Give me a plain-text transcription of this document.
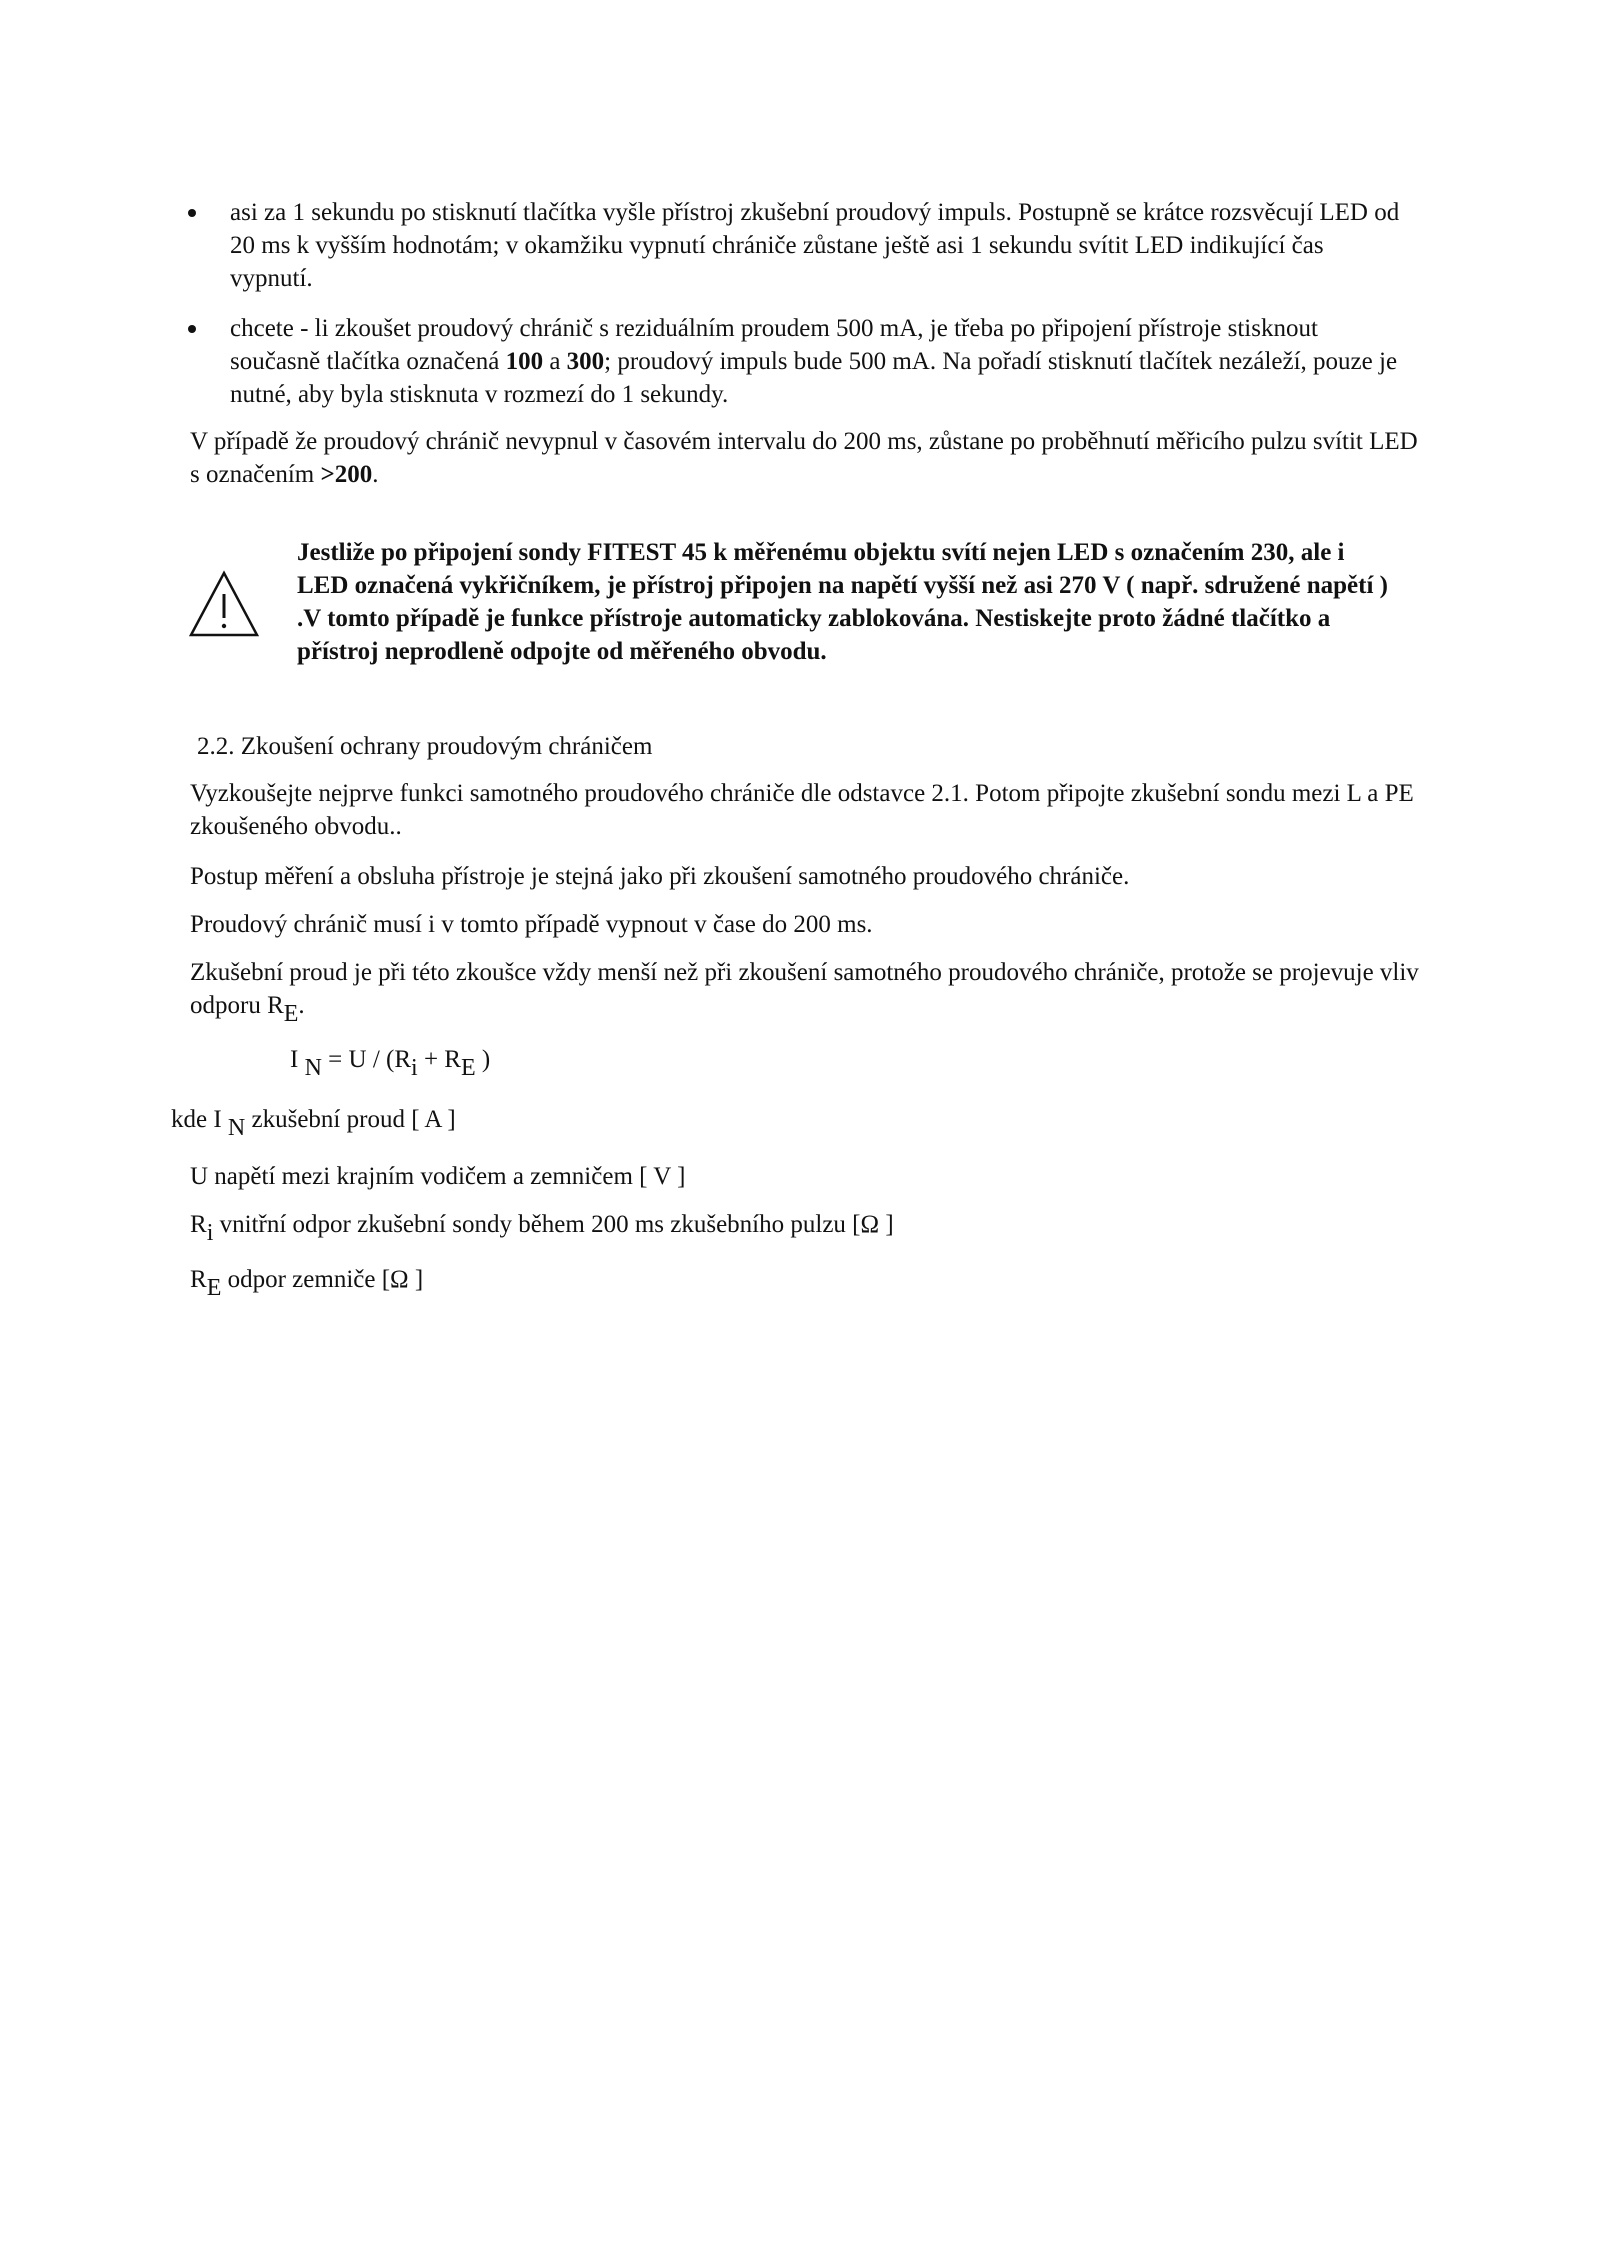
asi za 1 sekundu po stisknutí tlačítka vyšle přístroj zkušební proudový impuls. Postupně se krátce rozsvěcují LED od 20 ms k vyšším hodnotám; v okamžiku vypnutí chrániče zůstane ještě asi 1 sekundu svítit LED indikující čas vypnutí.
chcete - li zkoušet proudový chránič s reziduálním proudem 500 mA, je třeba po připojení přístroje stisknout současně tlačítka označená 100 a 300; proudový impuls bude 500 mA. Na pořadí stisknutí tlačítek nezáleží, pouze je nutné, aby byla stisknuta v rozmezí do 1 sekundy.
V případě že proudový chránič nevypnul v časovém intervalu do 200 ms, zůstane po proběhnutí měřicího pulzu svítit LED s označením >200.
Jestliže po připojení sondy FITEST 45 k měřenému objektu svítí nejen LED s označením 230, ale i LED označená vykřičníkem, je přístroj připojen na napětí vyšší než asi 270 V ( např. sdružené napětí ) .V tomto případě je funkce přístroje automaticky zablokována. Nestiskejte proto žádné tlačítko a přístroj neprodleně odpojte od měřeného obvodu.
2.2. Zkoušení ochrany proudovým chráničem
Vyzkoušejte nejprve funkci samotného proudového chrániče dle odstavce 2.1. Potom připojte zkušební sondu mezi L a PE zkoušeného obvodu..
Postup měření a obsluha přístroje je stejná jako při zkoušení samotného proudového chrániče.
Proudový chránič musí i v tomto případě vypnout v čase do 200 ms.
Zkušební proud je při této zkoušce vždy menší než při zkoušení samotného proudového chrániče, protože se projevuje vliv odporu RE.
I N = U / (Ri + RE )
kde I N zkušební proud [ A ]
U napětí mezi krajním vodičem a zemničem [ V ]
Ri vnitřní odpor zkušební sondy během 200 ms zkušebního pulzu [Ω ]
RE odpor zemniče [Ω ]
